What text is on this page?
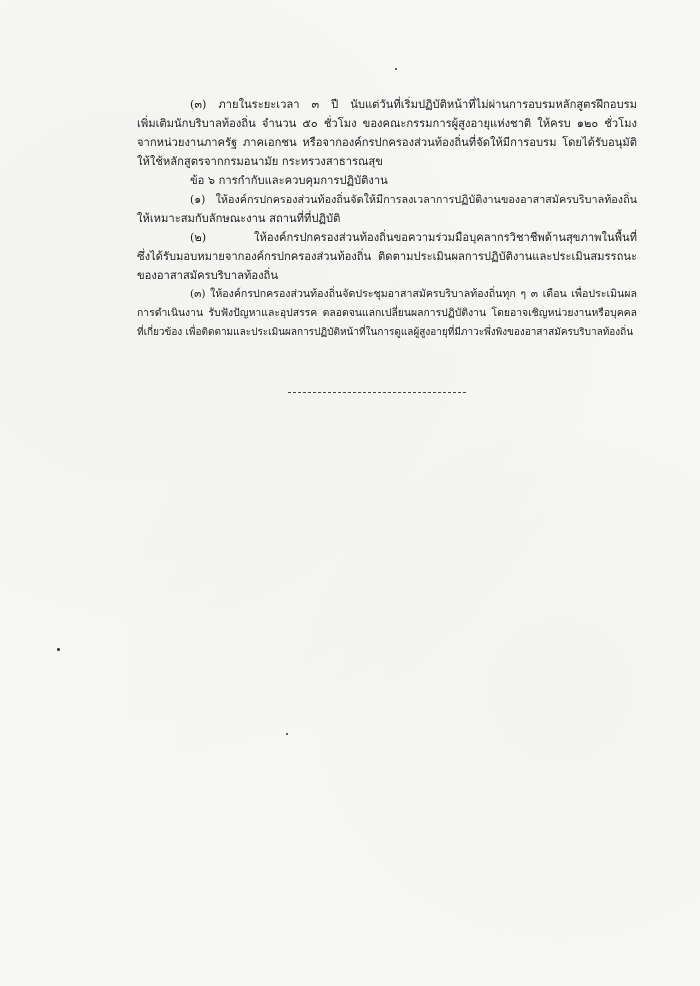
(๓) ภายในระยะเวลา ๓ ปี นับแต่วันที่เริ่มปฏิบัติหน้าที่ไม่ผ่านการอบรมหลักสูตรฝึกอบรม
เพิ่มเติมนักบริบาลท้องถิ่น จำนวน ๕๐ ชั่วโมง ของคณะกรรมการผู้สูงอายุแห่งชาติ ให้ครบ ๑๒๐ ชั่วโมง
จากหน่วยงานภาครัฐ ภาคเอกชน หรือจากองค์กรปกครองส่วนท้องถิ่นที่จัดให้มีการอบรม โดยได้รับอนุมัติ
ให้ใช้หลักสูตรจากกรมอนามัย กระทรวงสาธารณสุข
ข้อ ๖ การกำกับและควบคุมการปฏิบัติงาน
(๑) ให้องค์กรปกครองส่วนท้องถิ่นจัดให้มีการลงเวลาการปฏิบัติงานของอาสาสมัครบริบาลท้องถิ่น
ให้เหมาะสมกับลักษณะงาน สถานที่ที่ปฏิบัติ
(๒) ให้องค์กรปกครองส่วนท้องถิ่นขอความร่วมมือบุคลากรวิชาชีพด้านสุขภาพในพื้นที่
ซึ่งได้รับมอบหมายจากองค์กรปกครองส่วนท้องถิ่น ติดตามประเมินผลการปฏิบัติงานและประเมินสมรรถนะ
ของอาสาสมัครบริบาลท้องถิ่น
(๓) ให้องค์กรปกครองส่วนท้องถิ่นจัดประชุมอาสาสมัครบริบาลท้องถิ่นทุก ๆ ๓ เดือน เพื่อประเมินผล
การดำเนินงาน รับฟังปัญหาและอุปสรรค ตลอดจนแลกเปลี่ยนผลการปฏิบัติงาน โดยอาจเชิญหน่วยงานหรือบุคคล
ที่เกี่ยวข้อง เพื่อติดตามและประเมินผลการปฏิบัติหน้าที่ในการดูแลผู้สูงอายุที่มีภาวะพึ่งพิงของอาสาสมัครบริบาลท้องถิ่น
